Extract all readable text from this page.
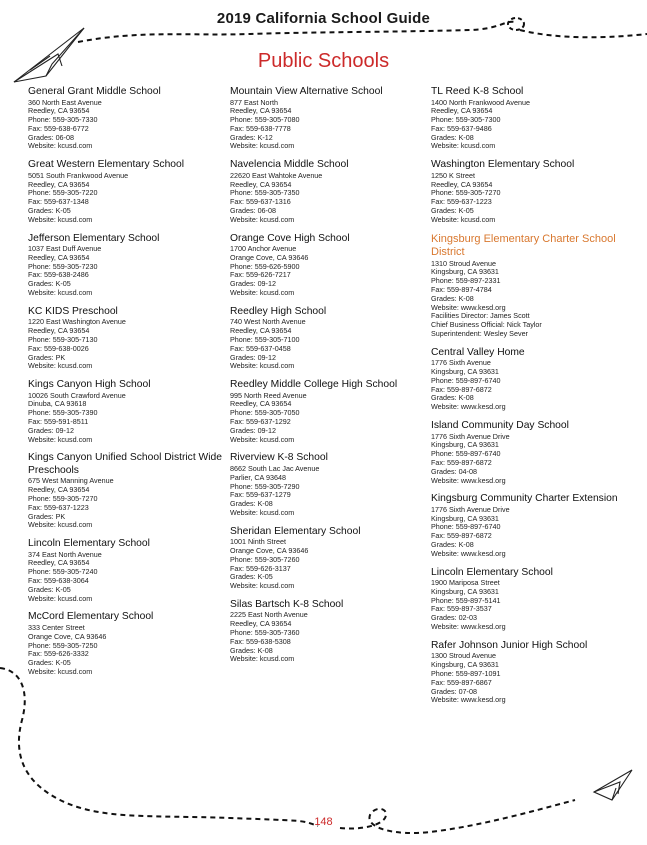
2019 California School Guide
Public Schools
General Grant Middle School
360 North East Avenue
Reedley, CA 93654
Phone: 559-305-7330
Fax: 559-638-6772
Grades: 06-08
Website: kcusd.com
Great Western Elementary School
5051 South Frankwood Avenue
Reedley, CA 93654
Phone: 559-305-7220
Fax: 559-637-1348
Grades: K-05
Website: kcusd.com
Jefferson Elementary School
1037 East Duff Avenue
Reedley, CA 93654
Phone: 559-305-7230
Fax: 559-638-2486
Grades: K-05
Website: kcusd.com
KC KIDS Preschool
1220 East Washington Avenue
Reedley, CA 93654
Phone: 559-305-7130
Fax: 559-638-0026
Grades: PK
Website: kcusd.com
Kings Canyon High School
10026 South Crawford Avenue
Dinuba, CA 93618
Phone: 559-305-7390
Fax: 559-591-8511
Grades: 09-12
Website: kcusd.com
Kings Canyon Unified School District Wide Preschools
675 West Manning Avenue
Reedley, CA 93654
Phone: 559-305-7270
Fax: 559-637-1223
Grades: PK
Website: kcusd.com
Lincoln Elementary School
374 East North Avenue
Reedley, CA 93654
Phone: 559-305-7240
Fax: 559-638-3064
Grades: K-05
Website: kcusd.com
McCord Elementary School
333 Center Street
Orange Cove, CA 93646
Phone: 559-305-7250
Fax: 559-626-3332
Grades: K-05
Website: kcusd.com
Mountain View Alternative School
877 East North
Reedley, CA 93654
Phone: 559-305-7080
Fax: 559-638-7778
Grades: K-12
Website: kcusd.com
Navelencia Middle School
22620 East Wahtoke Avenue
Reedley, CA 93654
Phone: 559-305-7350
Fax: 559-637-1316
Grades: 06-08
Website: kcusd.com
Orange Cove High School
1700 Anchor Avenue
Orange Cove, CA 93646
Phone: 559-626-5900
Fax: 559-626-7217
Grades: 09-12
Website: kcusd.com
Reedley High School
740 West North Avenue
Reedley, CA 93654
Phone: 559-305-7100
Fax: 559-637-0458
Grades: 09-12
Website: kcusd.com
Reedley Middle College High School
995 North Reed Avenue
Reedley, CA 93654
Phone: 559-305-7050
Fax: 559-637-1292
Grades: 09-12
Website: kcusd.com
Riverview K-8 School
8662 South Lac Jac Avenue
Parlier, CA 93648
Phone: 559-305-7290
Fax: 559-637-1279
Grades: K-08
Website: kcusd.com
Sheridan Elementary School
1001 Ninth Street
Orange Cove, CA 93646
Phone: 559-305-7260
Fax: 559-626-3137
Grades: K-05
Website: kcusd.com
Silas Bartsch K-8 School
2225 East North Avenue
Reedley, CA 93654
Phone: 559-305-7360
Fax: 559-638-5308
Grades: K-08
Website: kcusd.com
TL Reed K-8 School
1400 North Frankwood Avenue
Reedley, CA 93654
Phone: 559-305-7300
Fax: 559-637-9486
Grades: K-08
Website: kcusd.com
Washington Elementary School
1250 K Street
Reedley, CA 93654
Phone: 559-305-7270
Fax: 559-637-1223
Grades: K-05
Website: kcusd.com
Kingsburg Elementary Charter School District
1310 Stroud Avenue
Kingsburg, CA 93631
Phone: 559-897-2331
Fax: 559-897-4784
Grades: K-08
Website: www.kesd.org
Facilities Director: James Scott
Chief Business Official: Nick Taylor
Superintendent: Wesley Sever
Central Valley Home
1776 Sixth Avenue
Kingsburg, CA 93631
Phone: 559-897-6740
Fax: 559-897-6872
Grades: K-08
Website: www.kesd.org
Island Community Day School
1776 Sixth Avenue Drive
Kingsburg, CA 93631
Phone: 559-897-6740
Fax: 559-897-6872
Grades: 04-08
Website: www.kesd.org
Kingsburg Community Charter Extension
1776 Sixth Avenue Drive
Kingsburg, CA 93631
Phone: 559-897-6740
Fax: 559-897-6872
Grades: K-08
Website: www.kesd.org
Lincoln Elementary School
1900 Mariposa Street
Kingsburg, CA 93631
Phone: 559-897-5141
Fax: 559-897-3537
Grades: 02-03
Website: www.kesd.org
Rafer Johnson Junior High School
1300 Stroud Avenue
Kingsburg, CA 93631
Phone: 559-897-1091
Fax: 559-897-6867
Grades: 07-08
Website: www.kesd.org
148
